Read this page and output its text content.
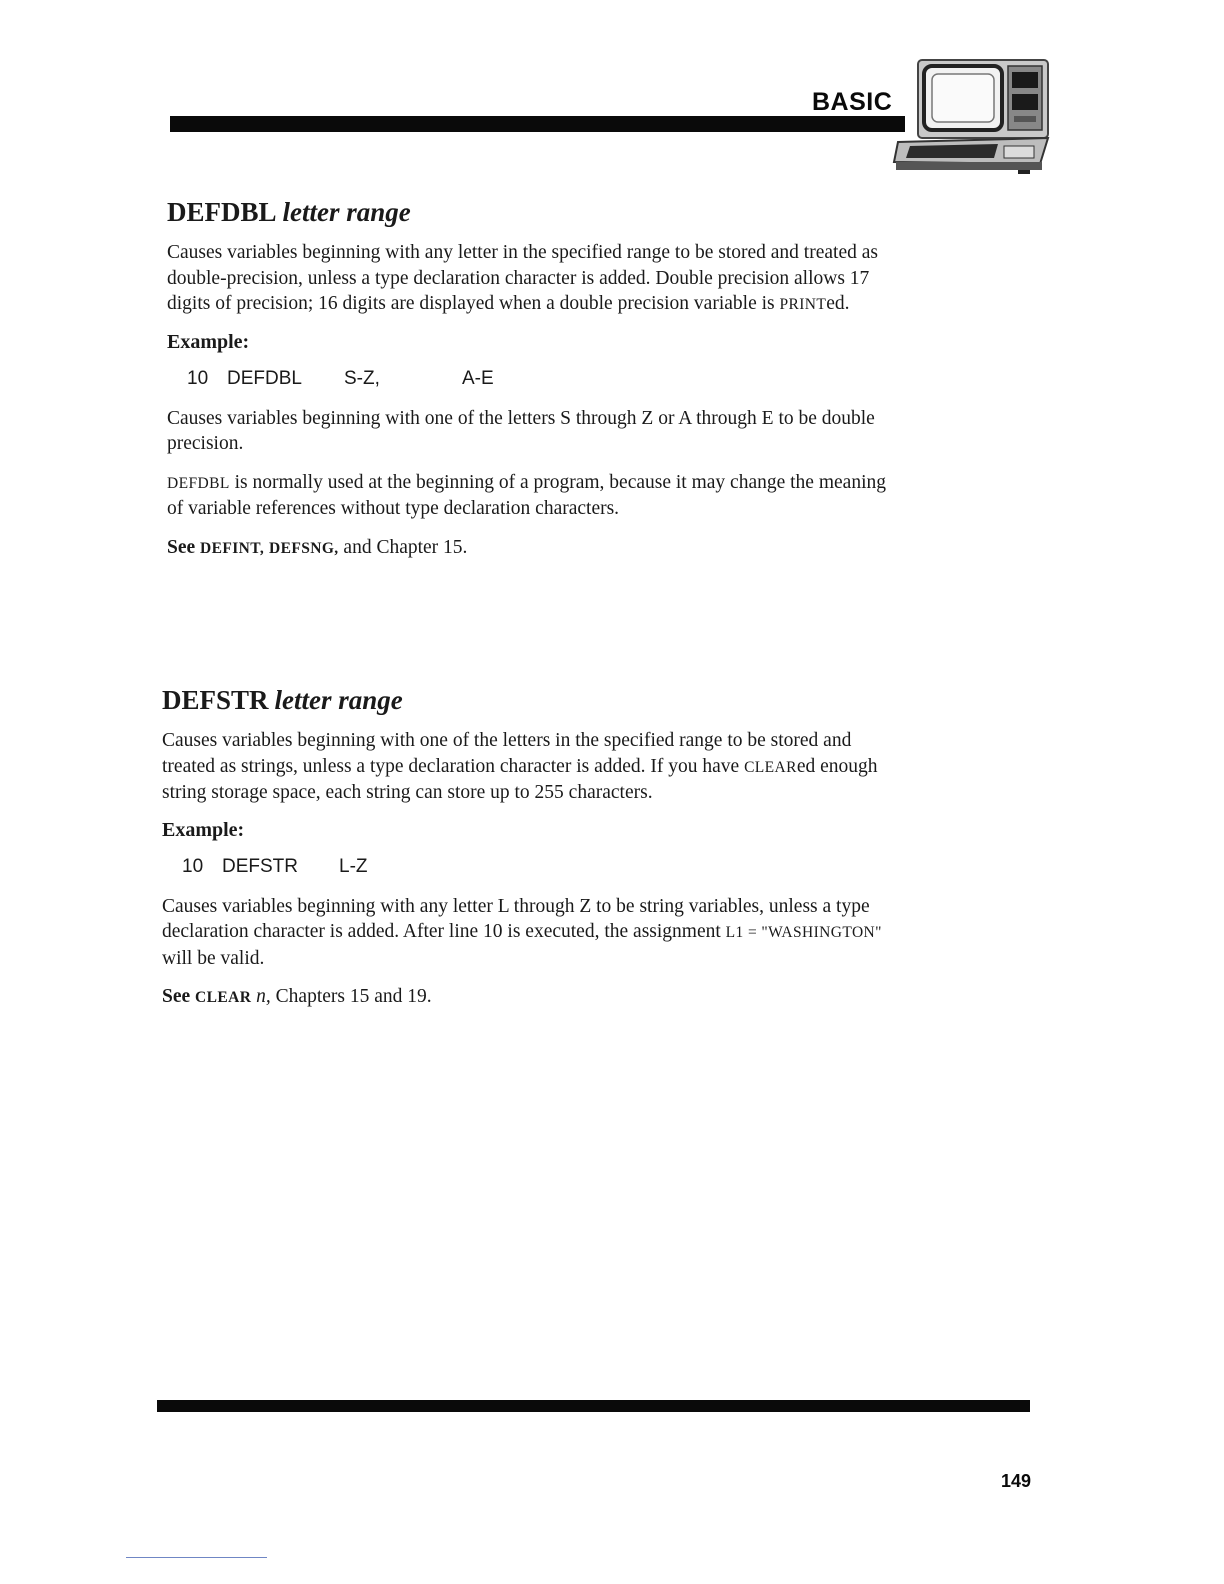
BASIC
DEFDBL letter range

Causes variables beginning with any letter in the specified range to be stored and treated as double-precision, unless a type declaration character is added. Double precision allows 17 digits of precision; 16 digits are displayed when a double precision variable is PRINTed.

Example:
10 DEFDBL S-Z,	A-E

Causes variables beginning with one of the letters S through Z or A through E to be double precision.

DEFDBL is normally used at the beginning of a program, because it may change the meaning of variable references without type declaration characters.

See DEFINT, DEFSNG, and Chapter 15.

DEFSTR letter range

Causes variables beginning with one of the letters in the specified range to be stored and treated as strings, unless a type declaration character is added. If you have CLEARed enough string storage space, each string can store up to 255 characters.

Example:
10 DEFSTR L-Z

Causes variables beginning with any letter L through Z to be string variables, unless a type declaration character is added. After line 10 is executed, the assignment L1 = "WASHINGTON" will be valid.

See CLEAR n, Chapters 15 and 19.

149
